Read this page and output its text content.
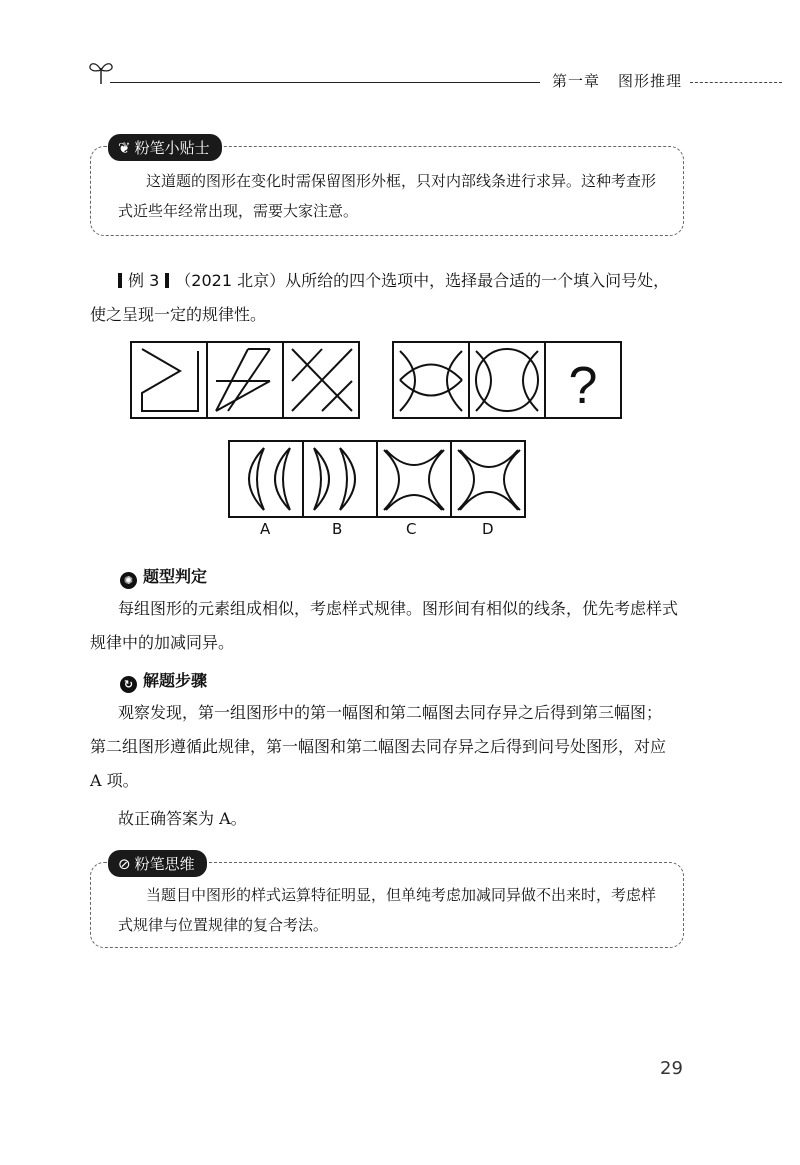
第一章 图形推理
❦ 粉笔小贴士
这道题的图形在变化时需保留图形外框，只对内部线条进行求异。这种考查形
式近些年经常出现，需要大家注意。
例 3 （2021 北京）从所给的四个选项中，选择最合适的一个填入问号处，
使之呈现一定的规律性。
?
A	B	C	D
✺ 题型判定
每组图形的元素组成相似，考虑样式规律。图形间有相似的线条，优先考虑样式
规律中的加减同异。
↻ 解题步骤
观察发现，第一组图形中的第一幅图和第二幅图去同存异之后得到第三幅图；
第二组图形遵循此规律，第一幅图和第二幅图去同存异之后得到问号处图形，对应
A 项。
故正确答案为 A。
⊘ 粉笔思维
当题目中图形的样式运算特征明显，但单纯考虑加减同异做不出来时，考虑样
式规律与位置规律的复合考法。
29
